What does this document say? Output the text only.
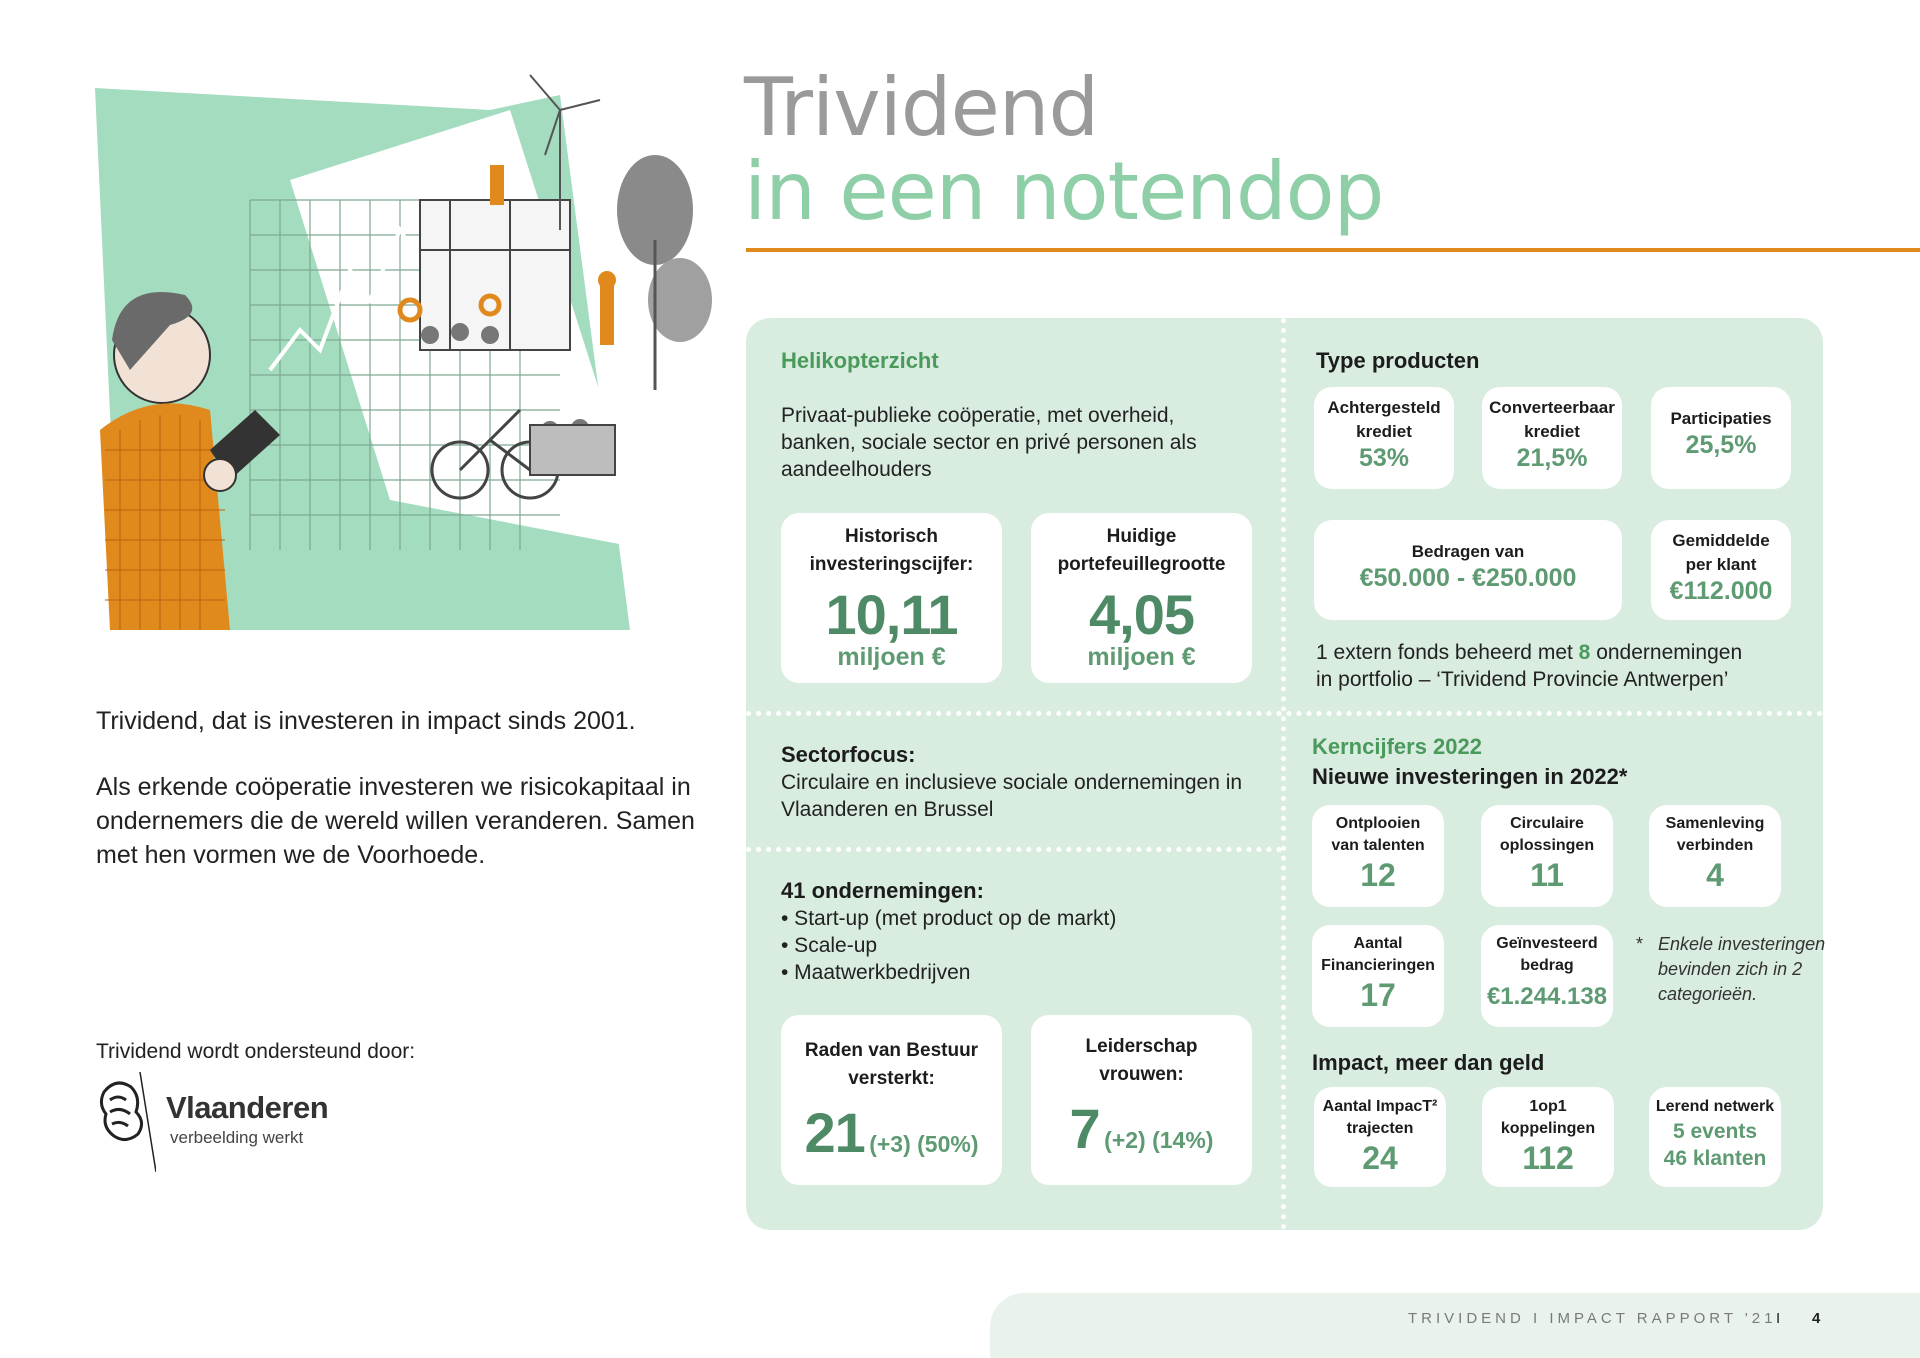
Trividend
in een notendop

Trividend, dat is investeren in impact sinds 2001.

Als erkende coöperatie investeren we risicokapitaal in ondernemers die de wereld willen veranderen. Samen met hen vormen we de Voorhoede.

Trividend wordt ondersteund door:
Vlaanderen
verbeelding werkt
Helikopterzicht
Privaat-publieke coöperatie, met overheid, banken, sociale sector en privé personen als aandeelhouders
Historisch
investeringscijfer:
10,11
miljoen €
Huidige
portefeuillegrootte
4,05
miljoen €
Type producten
Achtergesteld
krediet
53%
Converteerbaar
krediet
21,5%
Participaties
25,5%
Bedragen van
€50.000 - €250.000
Gemiddelde
per klant
€112.000
1 extern fonds beheerd met 8 ondernemingen
in portfolio – ‘Trividend Provincie Antwerpen’
Sectorfocus:
Circulaire en inclusieve sociale ondernemingen in Vlaanderen en Brussel
41 ondernemingen:
• Start-up (met product op de markt)
• Scale-up
• Maatwerkbedrijven
Raden van Bestuur
versterkt:
21 (+3) (50%)
Leiderschap
vrouwen:
7 (+2) (14%)
Kerncijfers 2022
Nieuwe investeringen in 2022*
Ontplooien
van talenten
12
Circulaire
oplossingen
11
Samenleving
verbinden
4
Aantal
Financieringen
17
Geïnvesteerd
bedrag
€1.244.138
* Enkele investeringen bevinden zich in 2 categorieën.
Impact, meer dan geld
Aantal ImpacT²
trajecten
24
1op1
koppelingen
112
Lerend netwerk
5 events
46 klanten
TRIVIDEND I IMPACT RAPPORT '21 I 4
